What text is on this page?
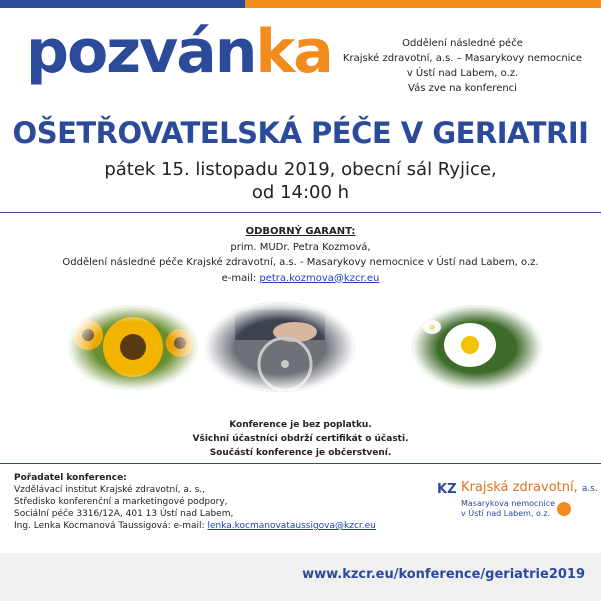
pozvánka	Oddělení následné péče
Krajské zdravotní, a.s. – Masarykovy nemocnice
v Ústí nad Labem, o.z.
Vás zve na konferenci
OŠETŘOVATELSKÁ PÉČE V GERIATRII
pátek 15. listopadu 2019, obecní sál Ryjice,
od 14:00 h
ODBORNÝ GARANT:
prim. MUDr. Petra Kozmová,
Oddělení následné péče Krajské zdravotní, a.s. - Masarykovy nemocnice v Ústí nad Labem, o.z.
e-mail: petra.kozmova@kzcr.eu
Konference je bez poplatku.
Všichni účastníci obdrží certifikát o účasti.
Součástí konference je občerstvení.
Pořadatel konference:
Vzdělávací institut Krajské zdravotní, a. s.,
Středisko konferenční a marketingové podpory,
Sociální péče 3316/12A, 401 13 Ústí nad Labem,
Ing. Lenka Kocmanová Taussigová: e-mail: lenka.kocmanovataussigova@kzcr.eu
KZ Krajská zdravotní, a.s.
Masarykova nemocnice
v Ústí nad Labem, o.z.
www.kzcr.eu/konference/geriatrie2019
